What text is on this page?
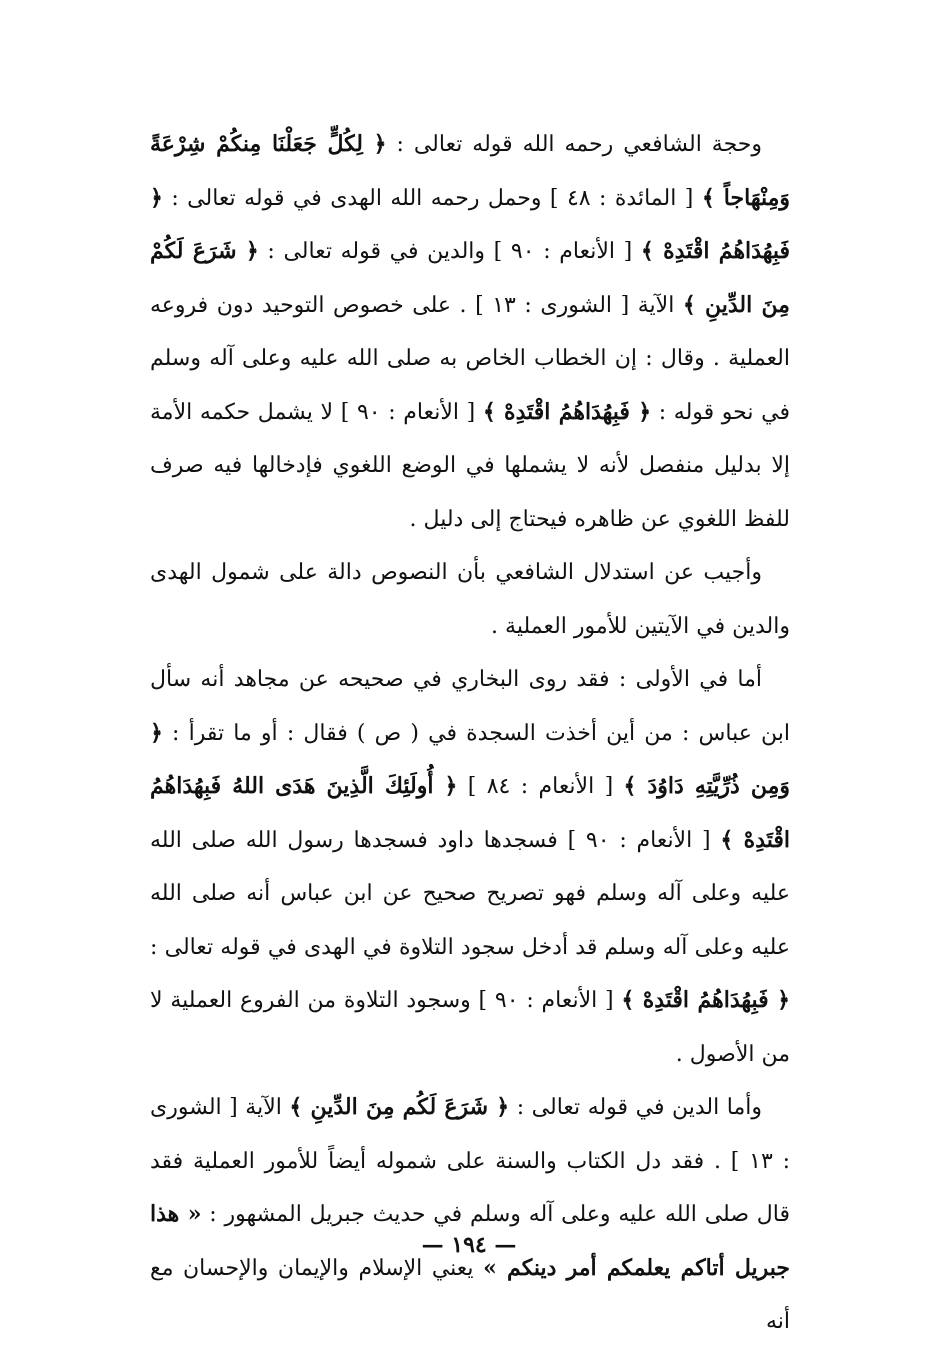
وحجة الشافعي رحمه الله قوله تعالى : ﴿ لِكُلٍّ جَعَلْنَا مِنكُمْ شِرْعَةً وَمِنْهَاجاً ﴾ [ المائدة : ٤٨ ] وحمل رحمه الله الهدى في قوله تعالى : ﴿ فَبِهُدَاهُمُ اقْتَدِهْ ﴾ [ الأنعام : ٩٠ ] والدين في قوله تعالى : ﴿ شَرَعَ لَكُمْ مِنَ الدِّينِ ﴾ الآية [ الشورى : ١٣ ] . على خصوص التوحيد دون فروعه العملية . وقال : إن الخطاب الخاص به صلى الله عليه وعلى آله وسلم في نحو قوله : ﴿ فَبِهُدَاهُمُ اقْتَدِهْ ﴾ [ الأنعام : ٩٠ ] لا يشمل حكمه الأمة إلا بدليل منفصل لأنه لا يشملها في الوضع اللغوي فإدخالها فيه صرف للفظ اللغوي عن ظاهره فيحتاج إلى دليل .

وأجيب عن استدلال الشافعي بأن النصوص دالة على شمول الهدى والدين في الآيتين للأمور العملية .

أما في الأولى : فقد روى البخاري في صحيحه عن مجاهد أنه سأل ابن عباس : من أين أخذت السجدة في ( ص ) فقال : أو ما تقرأ : ﴿ وَمِن ذُرِّيَّتِهِ دَاوُدَ ﴾ [ الأنعام : ٨٤ ] ﴿ أُولَئِكَ الَّذِينَ هَدَى اللهُ فَبِهُدَاهُمُ اقْتَدِهْ ﴾ [ الأنعام : ٩٠ ] فسجدها داود فسجدها رسول الله صلى الله عليه وعلى آله وسلم فهو تصريح صحيح عن ابن عباس أنه صلى الله عليه وعلى آله وسلم قد أدخل سجود التلاوة في الهدى في قوله تعالى : ﴿ فَبِهُدَاهُمُ اقْتَدِهْ ﴾ [ الأنعام : ٩٠ ] وسجود التلاوة من الفروع العملية لا من الأصول .

وأما الدين في قوله تعالى : ﴿ شَرَعَ لَكُم مِنَ الدِّينِ ﴾ الآية [ الشورى : ١٣ ] . فقد دل الكتاب والسنة على شموله أيضاً للأمور العملية فقد قال صلى الله عليه وعلى آله وسلم في حديث جبريل المشهور : « هذا جبريل أتاكم يعلمكم أمر دينكم » يعني الإسلام والإيمان والإحسان مع أنه

— ١٩٤ —
